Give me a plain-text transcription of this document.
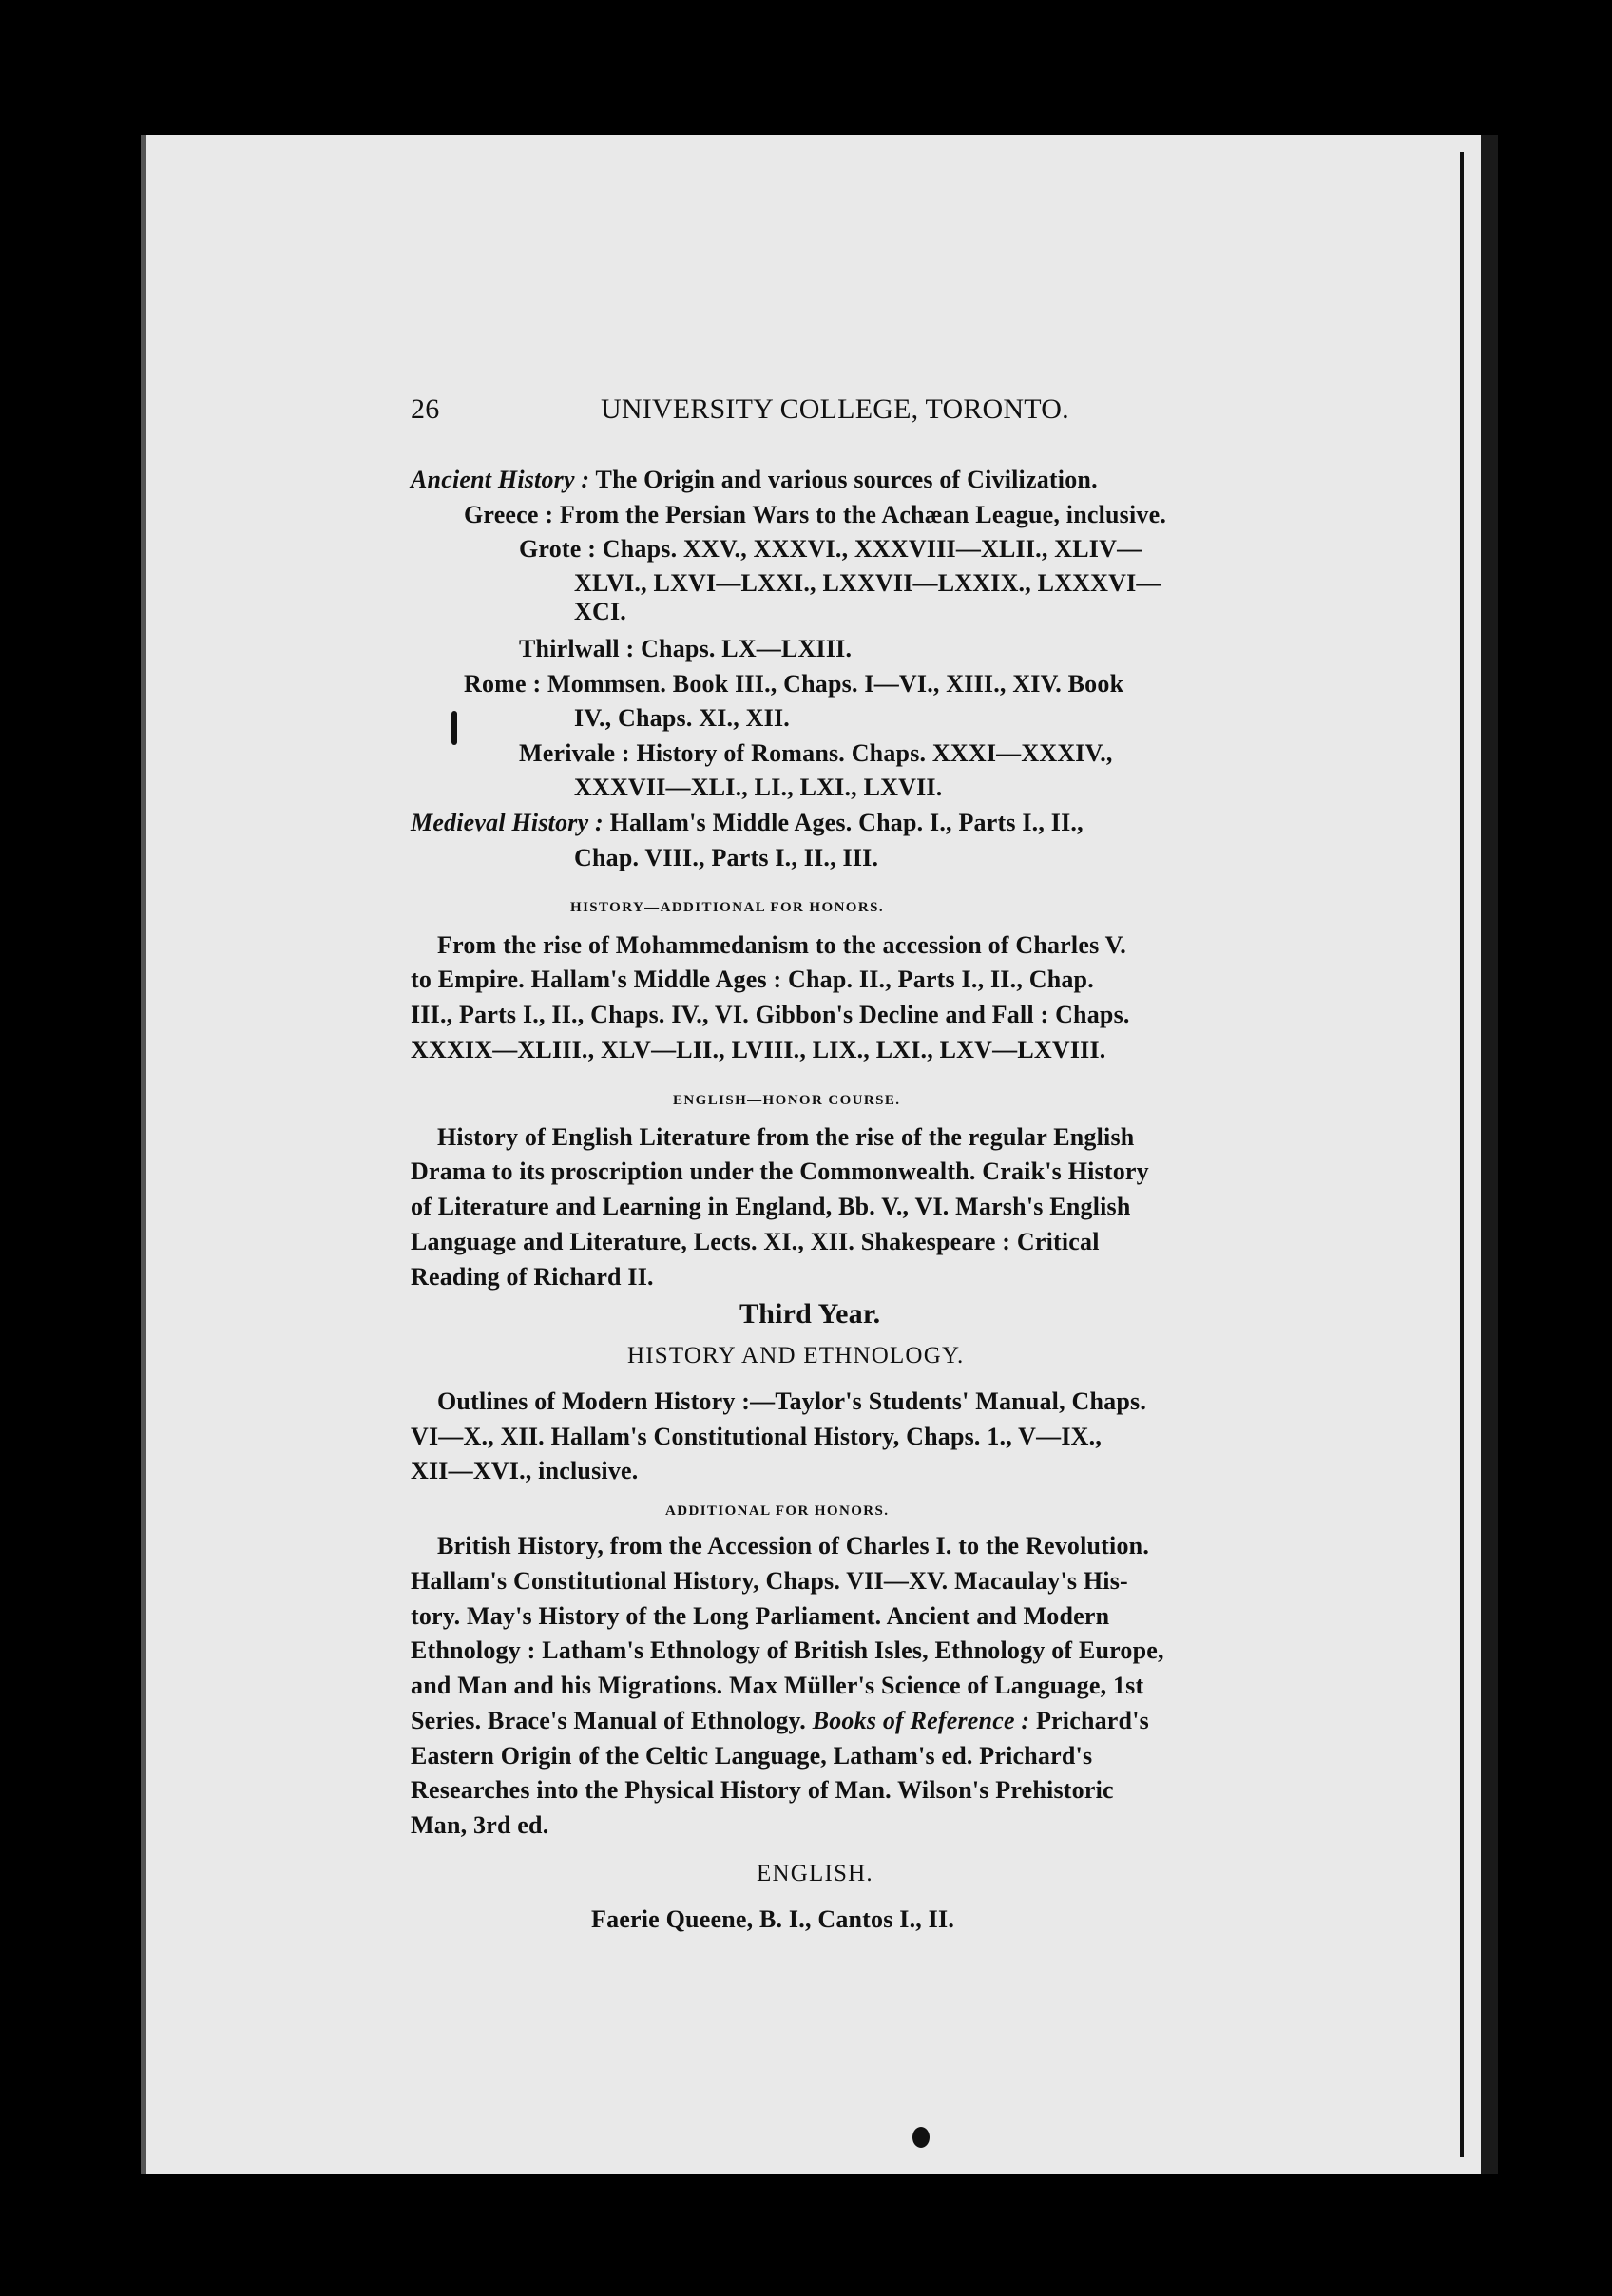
26	UNIVERSITY COLLEGE, TORONTO.
Ancient History : The Origin and various sources of Civilization.
Greece : From the Persian Wars to the Achæan League, inclusive.
Grote : Chaps. XXV., XXXVI., XXXVIII—XLII., XLIV—
XLVI., LXVI—LXXI., LXXVII—LXXIX., LXXXVI—
XCI.
Thirlwall : Chaps. LX—LXIII.
Rome : Mommsen. Book III., Chaps. I—VI., XIII., XIV. Book
IV., Chaps. XI., XII.
Merivale : History of Romans. Chaps. XXXI—XXXIV.,
XXXVII—XLI., LI., LXI., LXVII.
Medieval History : Hallam's Middle Ages. Chap. I., Parts I., II.,
Chap. VIII., Parts I., II., III.
HISTORY—ADDITIONAL FOR HONORS.
From the rise of Mohammedanism to the accession of Charles V.
to Empire. Hallam's Middle Ages : Chap. II., Parts I., II., Chap.
III., Parts I., II., Chaps. IV., VI. Gibbon's Decline and Fall : Chaps.
XXXIX—XLIII., XLV—LII., LVIII., LIX., LXI., LXV—LXVIII.
ENGLISH—HONOR COURSE.
History of English Literature from the rise of the regular English
Drama to its proscription under the Commonwealth. Craik's History
of Literature and Learning in England, Bb. V., VI. Marsh's English
Language and Literature, Lects. XI., XII. Shakespeare : Critical
Reading of Richard II.
Third Year.
HISTORY AND ETHNOLOGY.
Outlines of Modern History :—Taylor's Students' Manual, Chaps.
VI—X., XII. Hallam's Constitutional History, Chaps. 1., V—IX.,
XII—XVI., inclusive.
ADDITIONAL FOR HONORS.
British History, from the Accession of Charles I. to the Revolution.
Hallam's Constitutional History, Chaps. VII—XV. Macaulay's His-
tory. May's History of the Long Parliament. Ancient and Modern
Ethnology : Latham's Ethnology of British Isles, Ethnology of Europe,
and Man and his Migrations. Max Müller's Science of Language, 1st
Series. Brace's Manual of Ethnology. Books of Reference : Prichard's
Eastern Origin of the Celtic Language, Latham's ed. Prichard's
Researches into the Physical History of Man. Wilson's Prehistoric
Man, 3rd ed.
ENGLISH.
Faerie Queene, B. I., Cantos I., II.
